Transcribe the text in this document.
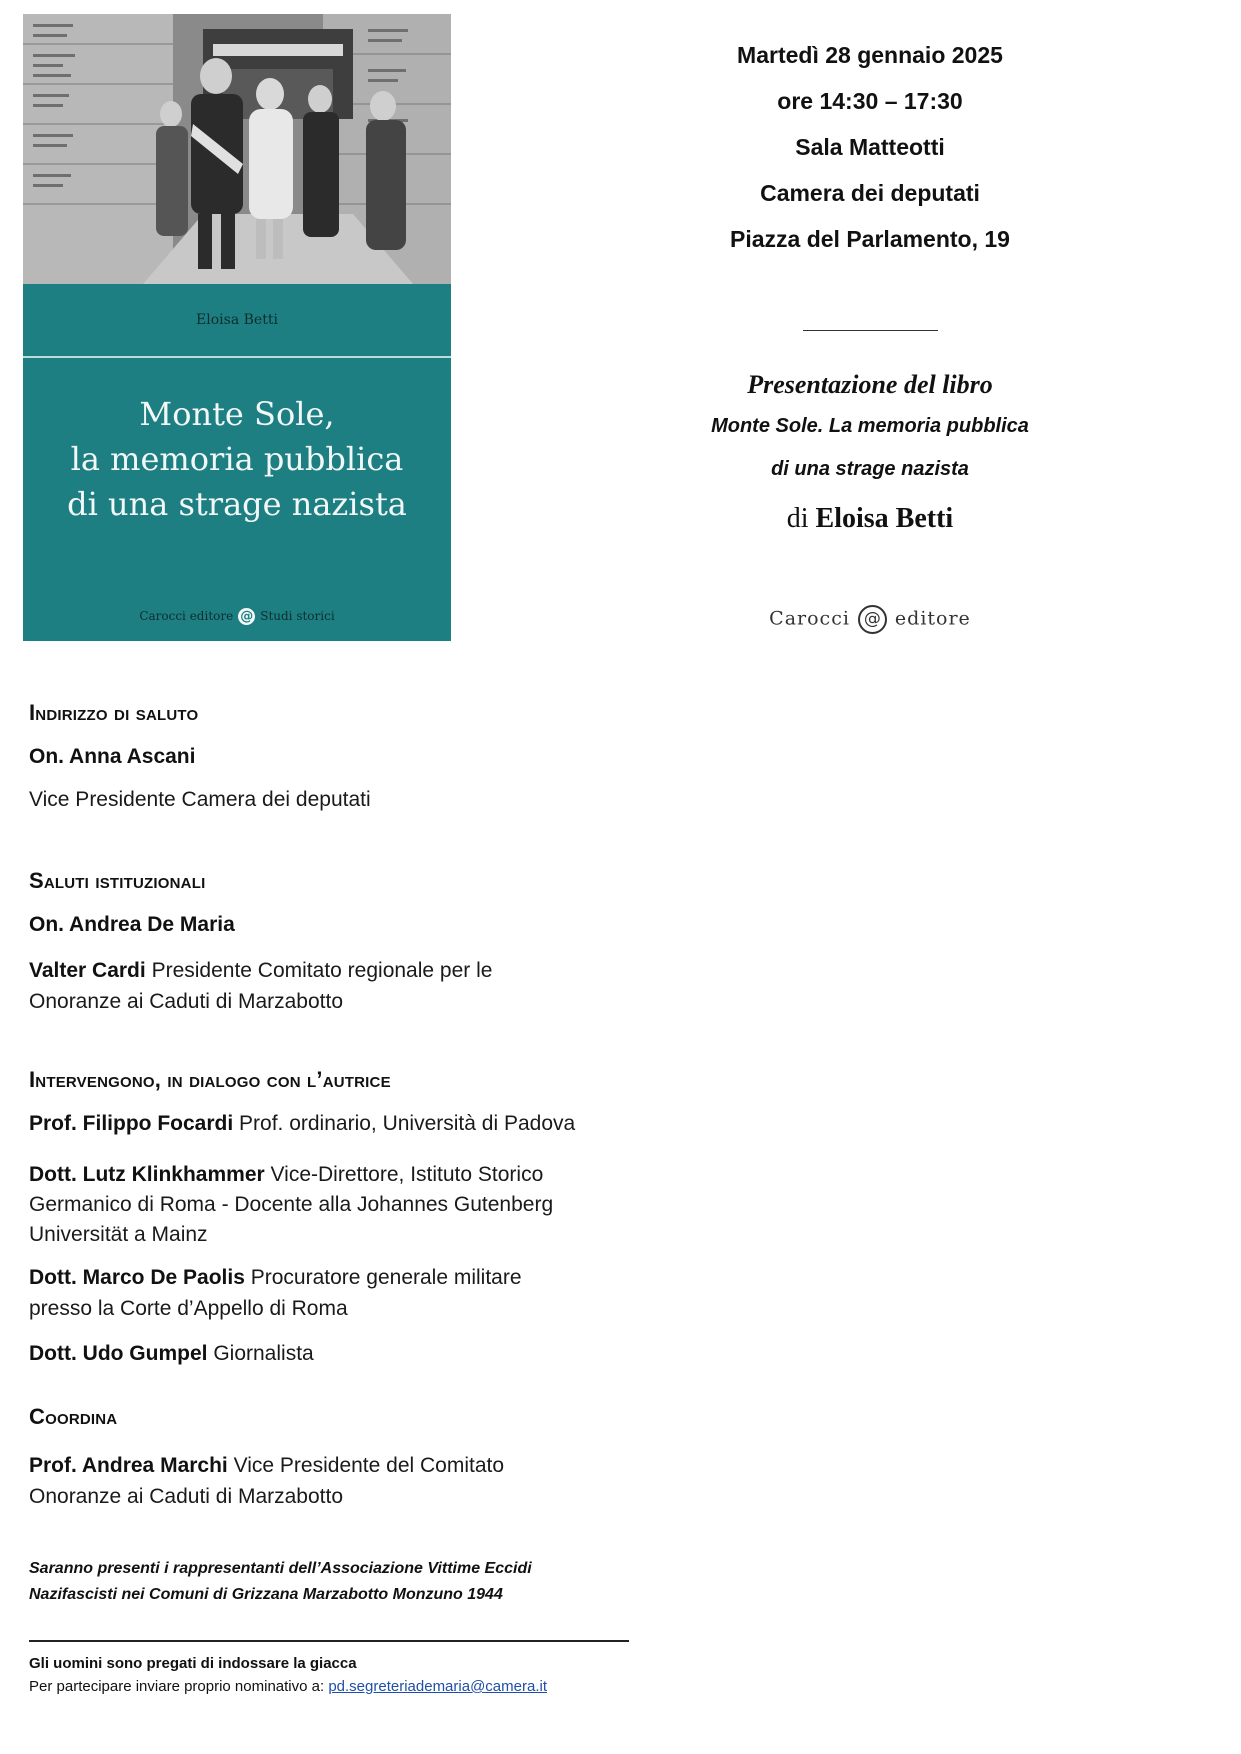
Eloisa Betti
Monte Sole,
la memoria pubblica
di una strage nazista
Carocci editore @ Studi storici
Martedì 28 gennaio 2025
ore 14:30 – 17:30
Sala Matteotti
Camera dei deputati
Piazza del Parlamento, 19
Presentazione del libro
Monte Sole. La memoria pubblica
di una strage nazista
di Eloisa Betti
Carocci @ editore
Indirizzo di saluto
On. Anna Ascani
Vice Presidente Camera dei deputati
Saluti istituzionali
On. Andrea De Maria
Valter Cardi Presidente Comitato regionale per le
Onoranze ai Caduti di Marzabotto
Intervengono, in dialogo con l’autrice
Prof. Filippo Focardi Prof. ordinario, Università di Padova
Dott. Lutz Klinkhammer Vice-Direttore, Istituto Storico
Germanico di Roma - Docente alla Johannes Gutenberg
Universität a Mainz
Dott. Marco De Paolis Procuratore generale militare
presso la Corte d’Appello di Roma
Dott. Udo Gumpel Giornalista
Coordina
Prof. Andrea Marchi Vice Presidente del Comitato
Onoranze ai Caduti di Marzabotto
Saranno presenti i rappresentanti dell’Associazione Vittime Eccidi
Nazifascisti nei Comuni di Grizzana Marzabotto Monzuno 1944
Gli uomini sono pregati di indossare la giacca
Per partecipare inviare proprio nominativo a: pd.segreteriademaria@camera.it
